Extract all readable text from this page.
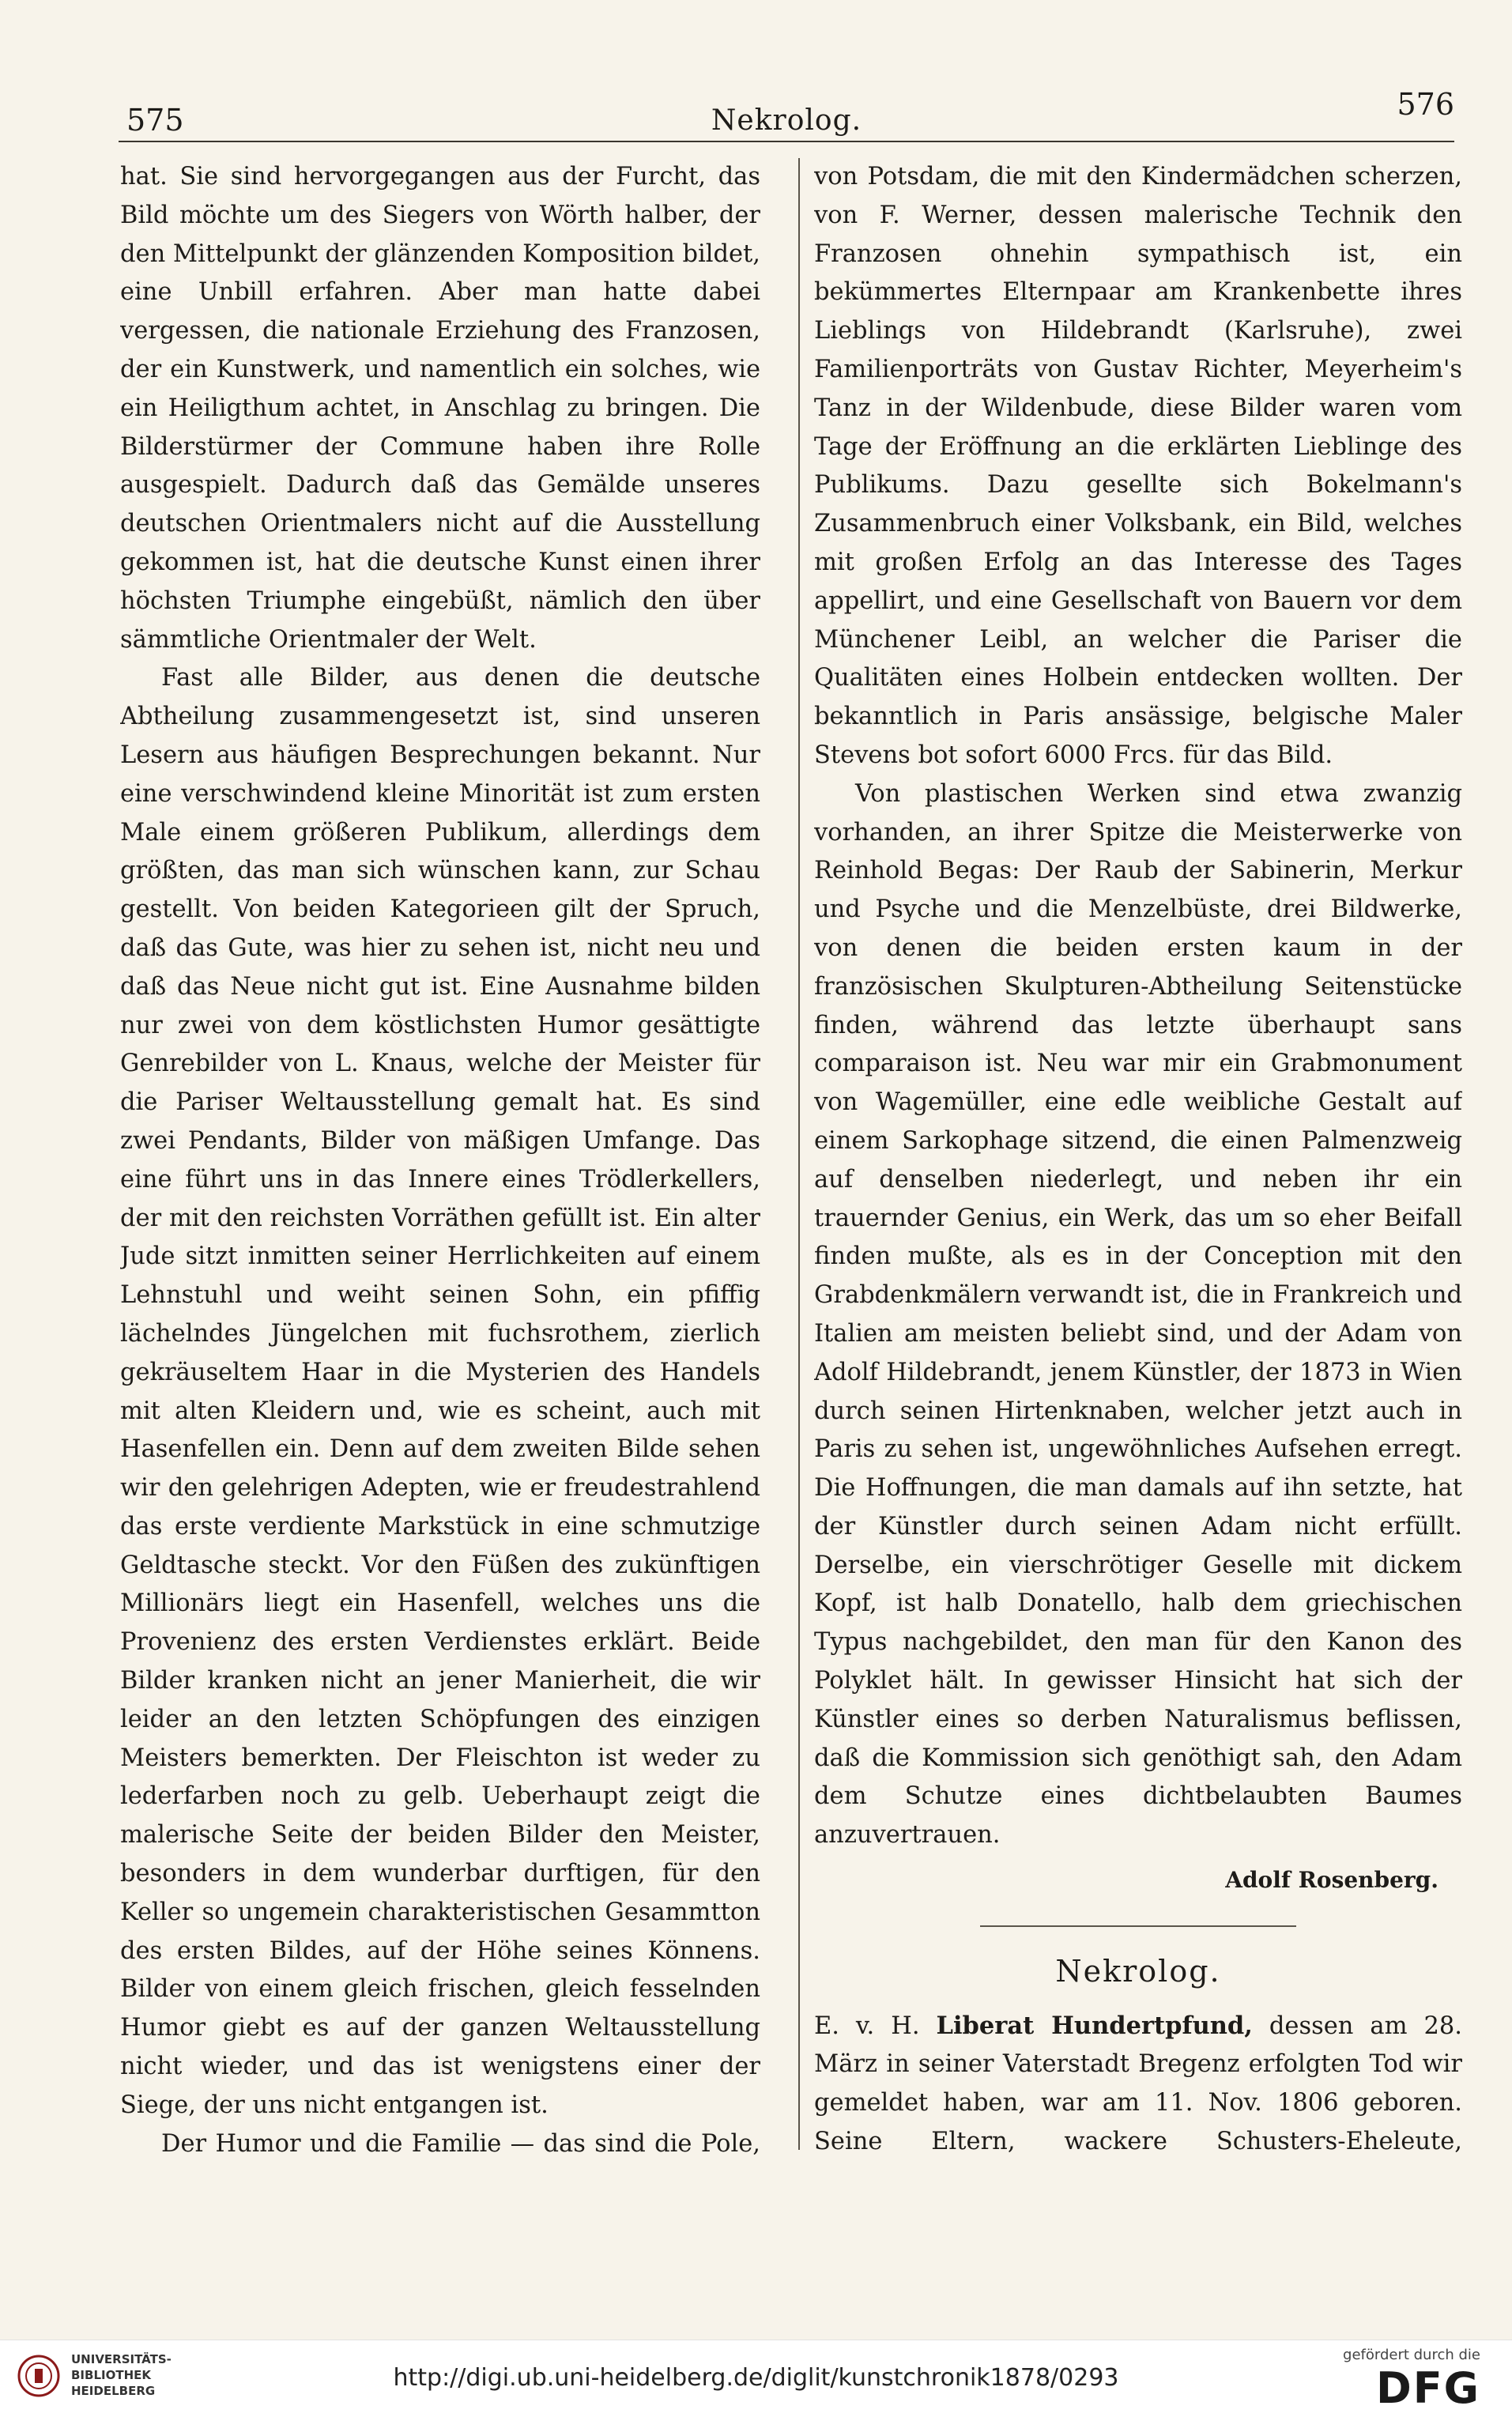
575	Nekrolog.	576

hat. Sie sind hervorgegangen aus der Furcht, das Bild möchte um des Siegers von Wörth halber, der den Mittelpunkt der glänzenden Komposition bildet, eine Unbill erfahren. Aber man hatte dabei vergessen, die nationale Erziehung des Franzosen, der ein Kunstwerk, und namentlich ein solches, wie ein Heiligthum achtet, in Anschlag zu bringen. Die Bilderstürmer der Commune haben ihre Rolle ausgespielt. Dadurch daß das Gemälde unseres deutschen Orientmalers nicht auf die Ausstellung gekommen ist, hat die deutsche Kunst einen ihrer höchsten Triumphe eingebüßt, nämlich den über sämmtliche Orientmaler der Welt.

Fast alle Bilder, aus denen die deutsche Abtheilung zusammengesetzt ist, sind unseren Lesern aus häufigen Besprechungen bekannt. Nur eine verschwindend kleine Minorität ist zum ersten Male einem größeren Publikum, allerdings dem größten, das man sich wünschen kann, zur Schau gestellt. Von beiden Kategorieen gilt der Spruch, daß das Gute, was hier zu sehen ist, nicht neu und daß das Neue nicht gut ist. Eine Ausnahme bilden nur zwei von dem köstlichsten Humor gesättigte Genrebilder von L. Knaus, welche der Meister für die Pariser Weltausstellung gemalt hat. Es sind zwei Pendants, Bilder von mäßigen Umfange. Das eine führt uns in das Innere eines Trödlerkellers, der mit den reichsten Vorräthen gefüllt ist. Ein alter Jude sitzt inmitten seiner Herrlichkeiten auf einem Lehnstuhl und weiht seinen Sohn, ein pfiffig lächelndes Jüngelchen mit fuchsrothem, zierlich gekräuseltem Haar in die Mysterien des Handels mit alten Kleidern und, wie es scheint, auch mit Hasenfellen ein. Denn auf dem zweiten Bilde sehen wir den gelehrigen Adepten, wie er freudestrahlend das erste verdiente Markstück in eine schmutzige Geldtasche steckt. Vor den Füßen des zukünftigen Millionärs liegt ein Hasenfell, welches uns die Provenienz des ersten Verdienstes erklärt. Beide Bilder kranken nicht an jener Manierheit, die wir leider an den letzten Schöpfungen des einzigen Meisters bemerkten. Der Fleischton ist weder zu lederfarben noch zu gelb. Ueberhaupt zeigt die malerische Seite der beiden Bilder den Meister, besonders in dem wunderbar durftigen, für den Keller so ungemein charakteristischen Gesammtton des ersten Bildes, auf der Höhe seines Könnens. Bilder von einem gleich frischen, gleich fesselnden Humor giebt es auf der ganzen Weltausstellung nicht wieder, und das ist wenigstens einer der Siege, der uns nicht entgangen ist.

Der Humor und die Familie — das sind die Pole,

von Potsdam, die mit den Kindermädchen scherzen, von F. Werner, dessen malerische Technik den Franzosen ohnehin sympathisch ist, ein bekümmertes Elternpaar am Krankenbette ihres Lieblings von Hildebrandt (Karlsruhe), zwei Familienporträts von Gustav Richter, Meyerheim's Tanz in der Wildenbude, diese Bilder waren vom Tage der Eröffnung an die erklärten Lieblinge des Publikums. Dazu gesellte sich Bokelmann's Zusammenbruch einer Volksbank, ein Bild, welches mit großen Erfolg an das Interesse des Tages appellirt, und eine Gesellschaft von Bauern vor dem Münchener Leibl, an welcher die Pariser die Qualitäten eines Holbein entdecken wollten. Der bekanntlich in Paris ansässige, belgische Maler Stevens bot sofort 6000 Frcs. für das Bild.

Von plastischen Werken sind etwa zwanzig vorhanden, an ihrer Spitze die Meisterwerke von Reinhold Begas: Der Raub der Sabinerin, Merkur und Psyche und die Menzelbüste, drei Bildwerke, von denen die beiden ersten kaum in der französischen Skulpturen-Abtheilung Seitenstücke finden, während das letzte überhaupt sans comparaison ist. Neu war mir ein Grabmonument von Wagemüller, eine edle weibliche Gestalt auf einem Sarkophage sitzend, die einen Palmenzweig auf denselben niederlegt, und neben ihr ein trauernder Genius, ein Werk, das um so eher Beifall finden mußte, als es in der Conception mit den Grabdenkmälern verwandt ist, die in Frankreich und Italien am meisten beliebt sind, und der Adam von Adolf Hildebrandt, jenem Künstler, der 1873 in Wien durch seinen Hirtenknaben, welcher jetzt auch in Paris zu sehen ist, ungewöhnliches Aufsehen erregt. Die Hoffnungen, die man damals auf ihn setzte, hat der Künstler durch seinen Adam nicht erfüllt. Derselbe, ein vierschrötiger Geselle mit dickem Kopf, ist halb Donatello, halb dem griechischen Typus nachgebildet, den man für den Kanon des Polyklet hält. In gewisser Hinsicht hat sich der Künstler eines so derben Naturalismus beflissen, daß die Kommission sich genöthigt sah, den Adam dem Schutze eines dichtbelaubten Baumes anzuvertrauen.

Adolf Rosenberg.
Nekrolog.

E. v. H. Liberat Hundertpfund, dessen am 28. März in seiner Vaterstadt Bregenz erfolgten Tod wir gemeldet haben, war am 11. Nov. 1806 geboren. Seine Eltern, wackere Schusters-Eheleute,

UNIVERSITÄTS-
BIBLIOTHEK
HEIDELBERG	http://digi.ub.uni-heidelberg.de/diglit/kunstchronik1878/0293
gefördert durch die
DFG
